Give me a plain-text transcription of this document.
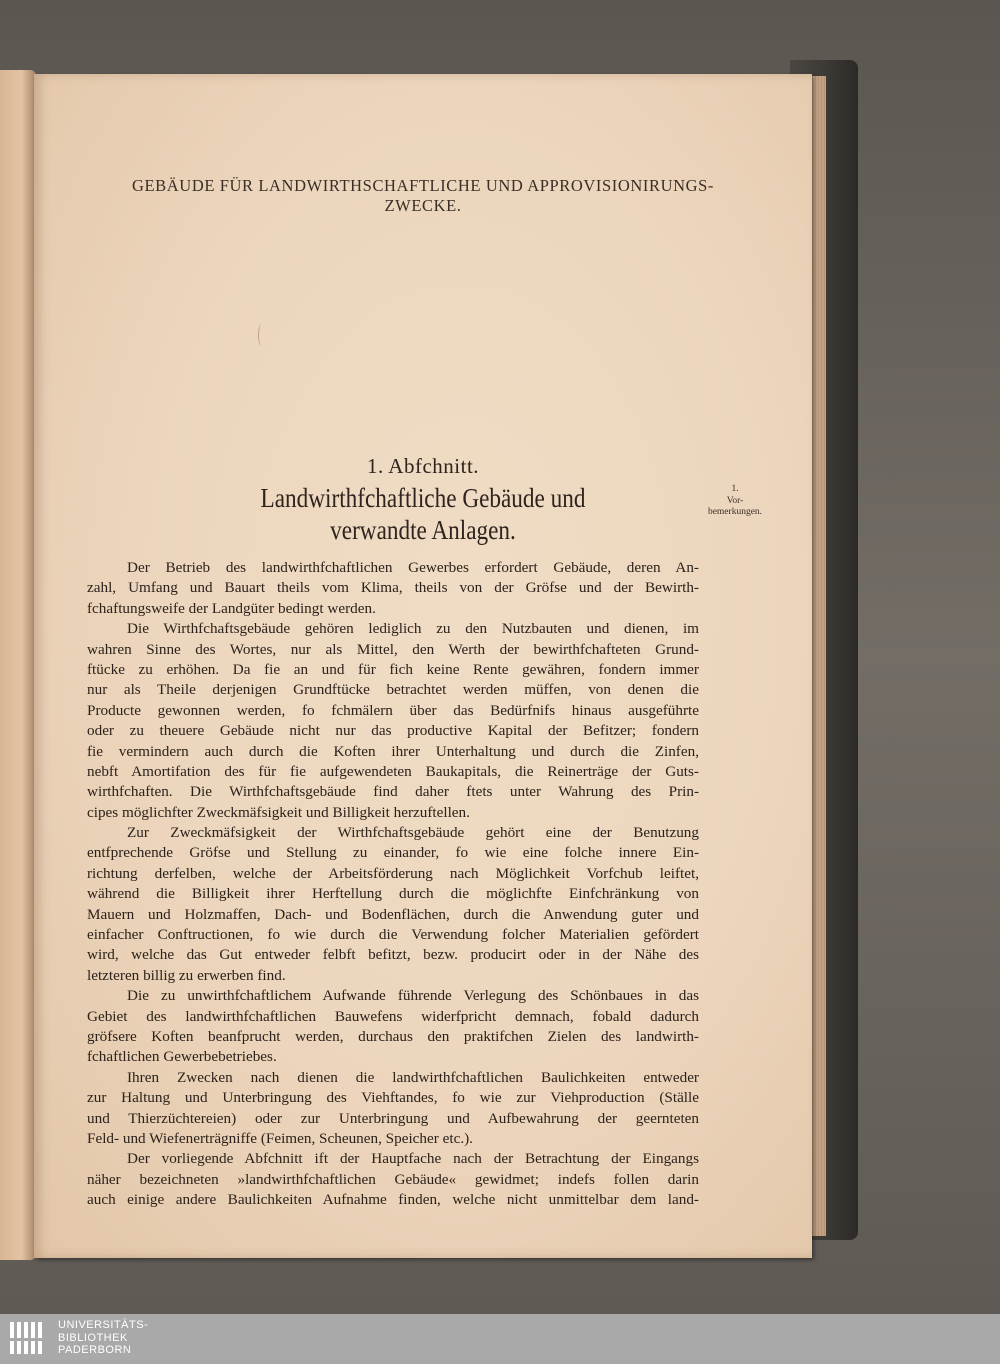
GEBÄUDE FÜR LANDWIRTHSCHAFTLICHE UND APPROVISIONIRUNGS-
ZWECKE.
1. Abfchnitt.
Landwirthfchaftliche Gebäude und
verwandte Anlagen.
Der Betrieb des landwirthfchaftlichen Gewerbes erfordert Gebäude, deren An-
zahl, Umfang und Bauart theils vom Klima, theils von der Gröfse und der Bewirth-
fchaftungsweife der Landgüter bedingt werden.
Die Wirthfchaftsgebäude gehören lediglich zu den Nutzbauten und dienen, im
wahren Sinne des Wortes, nur als Mittel, den Werth der bewirthfchafteten Grund-
ftücke zu erhöhen. Da fie an und für fich keine Rente gewähren, fondern immer
nur als Theile derjenigen Grundftücke betrachtet werden müffen, von denen die
Producte gewonnen werden, fo fchmälern über das Bedürfnifs hinaus ausgeführte
oder zu theuere Gebäude nicht nur das productive Kapital der Befitzer; fondern
fie vermindern auch durch die Koften ihrer Unterhaltung und durch die Zinfen,
nebft Amortifation des für fie aufgewendeten Baukapitals, die Reinerträge der Guts-
wirthfchaften. Die Wirthfchaftsgebäude find daher ftets unter Wahrung des Prin-
cipes möglichfter Zweckmäfsigkeit und Billigkeit herzuftellen.
Zur Zweckmäfsigkeit der Wirthfchaftsgebäude gehört eine der Benutzung
entfprechende Gröfse und Stellung zu einander, fo wie eine folche innere Ein-
richtung derfelben, welche der Arbeitsförderung nach Möglichkeit Vorfchub leiftet,
während die Billigkeit ihrer Herftellung durch die möglichfte Einfchränkung von
Mauern und Holzmaffen, Dach- und Bodenflächen, durch die Anwendung guter und
einfacher Conftructionen, fo wie durch die Verwendung folcher Materialien gefördert
wird, welche das Gut entweder felbft befitzt, bezw. producirt oder in der Nähe des
letzteren billig zu erwerben find.
Die zu unwirthfchaftlichem Aufwande führende Verlegung des Schönbaues in das
Gebiet des landwirthfchaftlichen Bauwefens widerfpricht demnach, fobald dadurch
gröfsere Koften beanfprucht werden, durchaus den praktifchen Zielen des landwirth-
fchaftlichen Gewerbebetriebes.
Ihren Zwecken nach dienen die landwirthfchaftlichen Baulichkeiten entweder
zur Haltung und Unterbringung des Viehftandes, fo wie zur Viehproduction (Ställe
und Thierzüchtereien) oder zur Unterbringung und Aufbewahrung der geernteten
Feld- und Wiefenerträgniffe (Feimen, Scheunen, Speicher etc.).
Der vorliegende Abfchnitt ift der Hauptfache nach der Betrachtung der Eingangs
näher bezeichneten »landwirthfchaftlichen Gebäude« gewidmet; indefs follen darin
auch einige andere Baulichkeiten Aufnahme finden, welche nicht unmittelbar dem land-
1.
Vor-
bemerkungen.
UNIVERSITÄTS-
BIBLIOTHEK
PADERBORN
